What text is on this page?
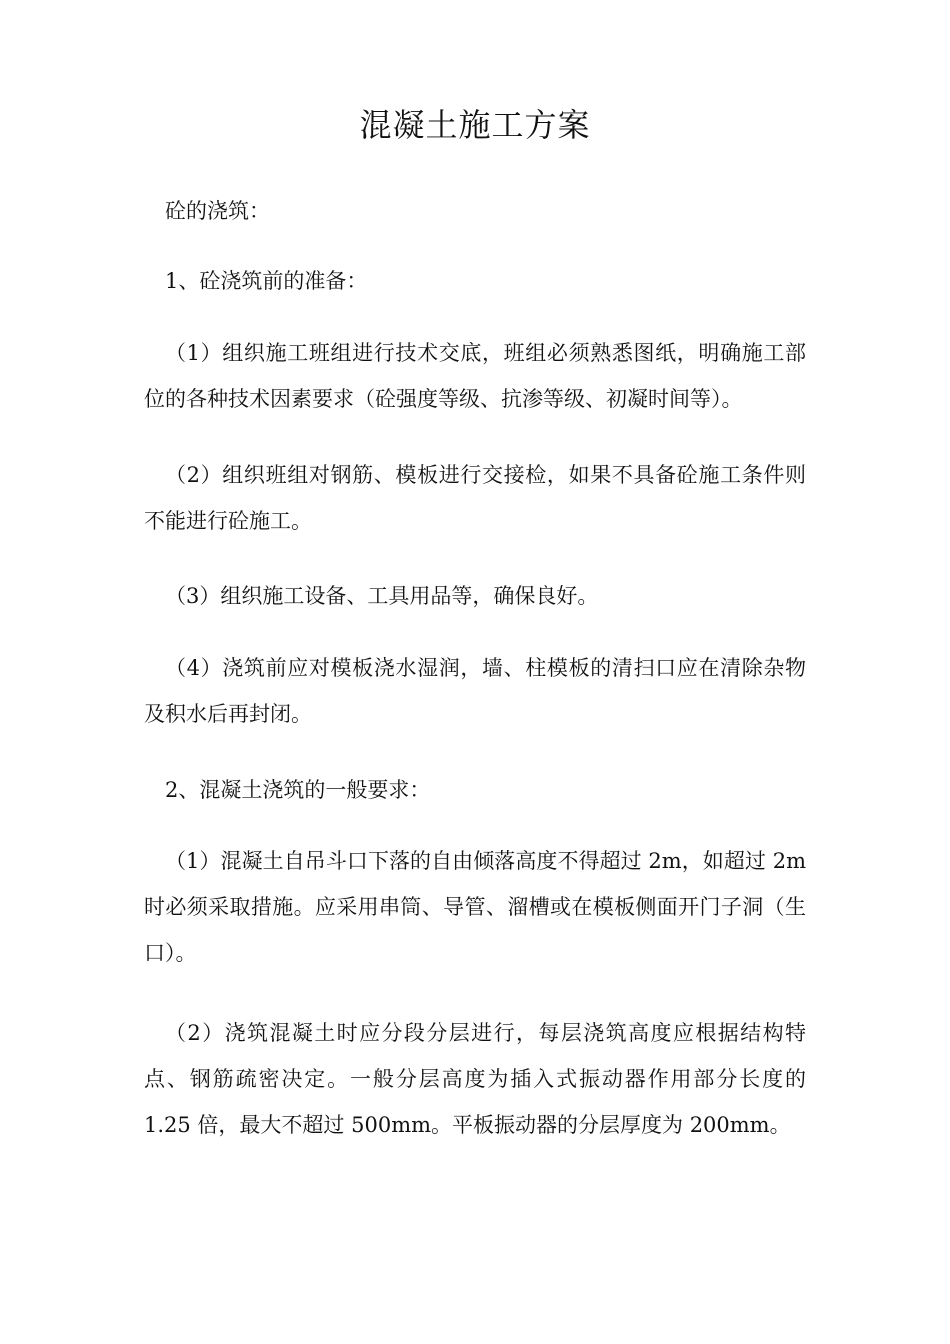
混凝土施工方案

砼的浇筑：

1、砼浇筑前的准备：

（1）组织施工班组进行技术交底，班组必须熟悉图纸，明确施工部位的各种技术因素要求（砼强度等级、抗渗等级、初凝时间等）。

（2）组织班组对钢筋、模板进行交接检，如果不具备砼施工条件则不能进行砼施工。

（3）组织施工设备、工具用品等，确保良好。

（4）浇筑前应对模板浇水湿润，墙、柱模板的清扫口应在清除杂物及积水后再封闭。

2、混凝土浇筑的一般要求：

（1）混凝土自吊斗口下落的自由倾落高度不得超过 2m，如超过 2m 时必须采取措施。应采用串筒、导管、溜槽或在模板侧面开门子洞（生口）。

（2）浇筑混凝土时应分段分层进行，每层浇筑高度应根据结构特点、钢筋疏密决定。一般分层高度为插入式振动器作用部分长度的 1.25 倍，最大不超过 500mm。平板振动器的分层厚度为 200mm。
